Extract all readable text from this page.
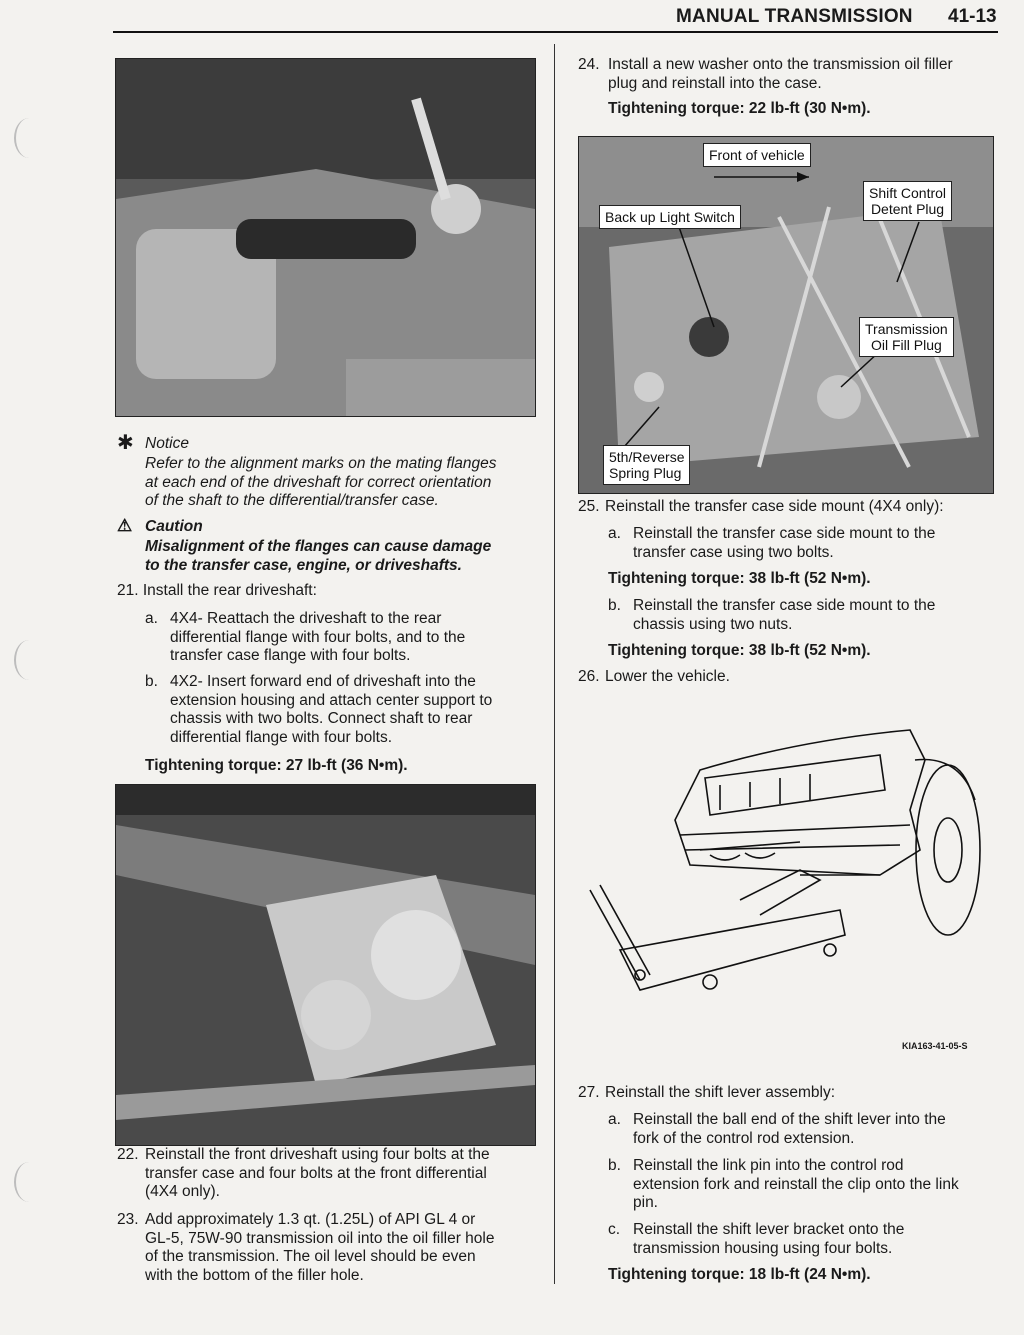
MANUAL TRANSMISSION 41-13
✱ Notice
Refer to the alignment marks on the mating flanges
at each end of the driveshaft for correct orientation
of the shaft to the differential/transfer case.
⚠ Caution
Misalignment of the flanges can cause damage
to the transfer case, engine, or driveshafts.
21. Install the rear driveshaft:
a. 4X4- Reattach the driveshaft to the rear
differential flange with four bolts, and to the
transfer case flange with four bolts.
b. 4X2- Insert forward end of driveshaft into the
extension housing and attach center support to
chassis with two bolts. Connect shaft to rear
differential flange with four bolts.
Tightening torque: 27 lb-ft (36 N•m).
22. Reinstall the front driveshaft using four bolts at the
transfer case and four bolts at the front differential
(4X4 only).
23. Add approximately 1.3 qt. (1.25L) of API GL 4 or
GL-5, 75W-90 transmission oil into the oil filler hole
of the transmission. The oil level should be even
with the bottom of the filler hole.
24. Install a new washer onto the transmission oil filler
plug and reinstall into the case.
Tightening torque: 22 lb-ft (30 N•m).
Front of vehicle
Back up Light Switch
Shift Control
Detent Plug
Transmission
Oil Fill Plug
5th/Reverse
Spring Plug
25. Reinstall the transfer case side mount (4X4 only):
a. Reinstall the transfer case side mount to the
transfer case using two bolts.
Tightening torque: 38 lb-ft (52 N•m).
b. Reinstall the transfer case side mount to the
chassis using two nuts.
Tightening torque: 38 lb-ft (52 N•m).
26. Lower the vehicle.
KIA163-41-05-S
27. Reinstall the shift lever assembly:
a. Reinstall the ball end of the shift lever into the
fork of the control rod extension.
b. Reinstall the link pin into the control rod
extension fork and reinstall the clip onto the link
pin.
c. Reinstall the shift lever bracket onto the
transmission housing using four bolts.
Tightening torque: 18 lb-ft (24 N•m).
